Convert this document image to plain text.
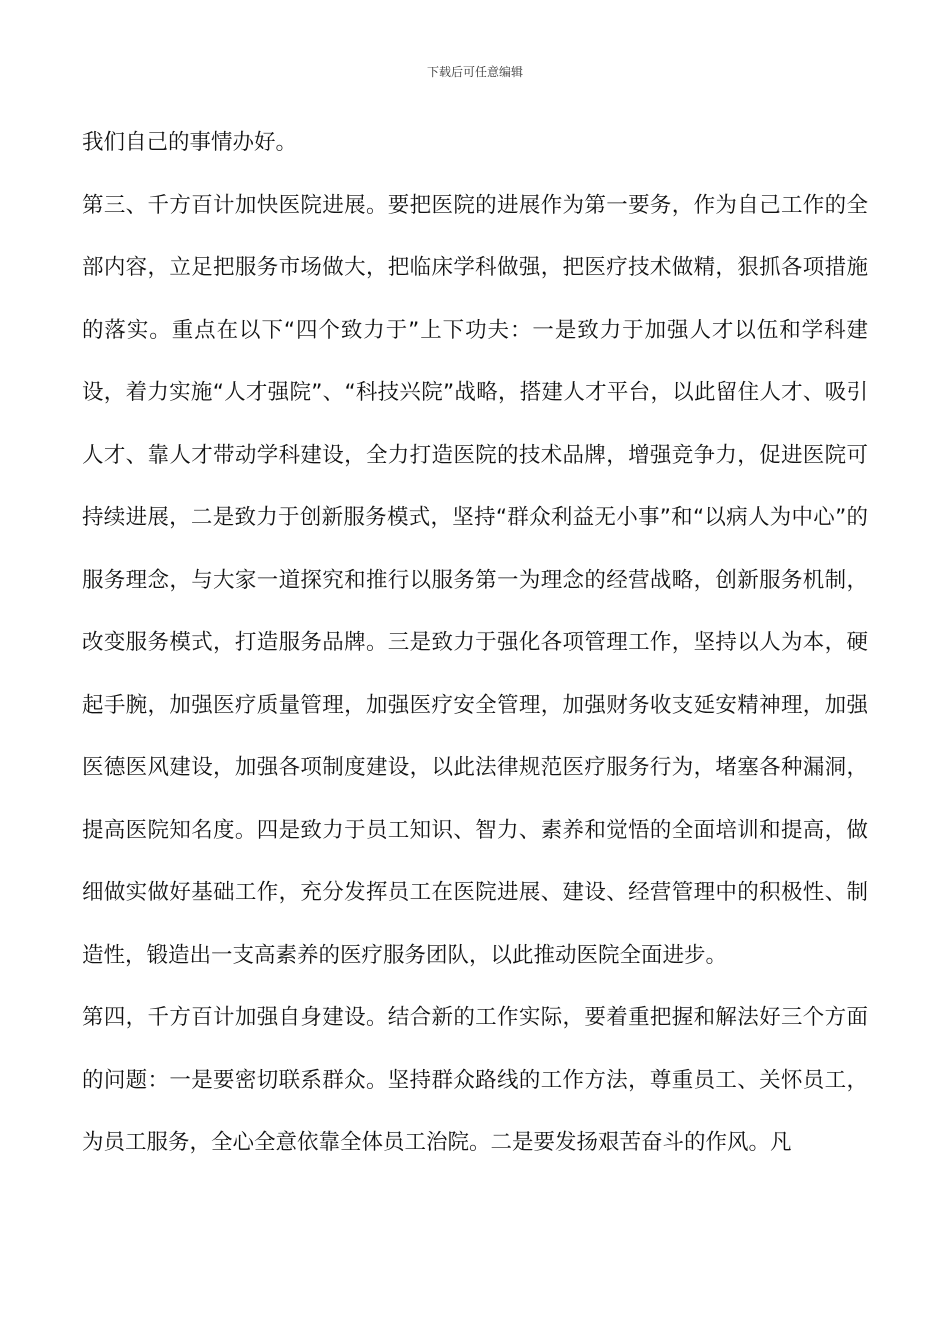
下载后可任意编辑

我们自己的事情办好。

第三、千方百计加快医院进展。要把医院的进展作为第一要务，作为自己工作的全部内容，立足把服务市场做大，把临床学科做强，把医疗技术做精，狠抓各项措施的落实。重点在以下“四个致力于”上下功夫：一是致力于加强人才以伍和学科建设，着力实施“人才强院”、“科技兴院”战略，搭建人才平台，以此留住人才、吸引人才、靠人才带动学科建设，全力打造医院的技术品牌，增强竞争力，促进医院可持续进展，二是致力于创新服务模式，坚持“群众利益无小事”和“以病人为中心”的服务理念，与大家一道探究和推行以服务第一为理念的经营战略，创新服务机制，改变服务模式，打造服务品牌。三是致力于强化各项管理工作，坚持以人为本，硬起手腕，加强医疗质量管理，加强医疗安全管理，加强财务收支延安精神理，加强医德医风建设，加强各项制度建设，以此法律规范医疗服务行为，堵塞各种漏洞，提高医院知名度。四是致力于员工知识、智力、素养和觉悟的全面培训和提高，做细做实做好基础工作，充分发挥员工在医院进展、建设、经营管理中的积极性、制造性，锻造出一支高素养的医疗服务团队，以此推动医院全面进步。

第四，千方百计加强自身建设。结合新的工作实际，要着重把握和解法好三个方面的问题：一是要密切联系群众。坚持群众路线的工作方法，尊重员工、关怀员工，为员工服务，全心全意依靠全体员工治院。二是要发扬艰苦奋斗的作风。凡
